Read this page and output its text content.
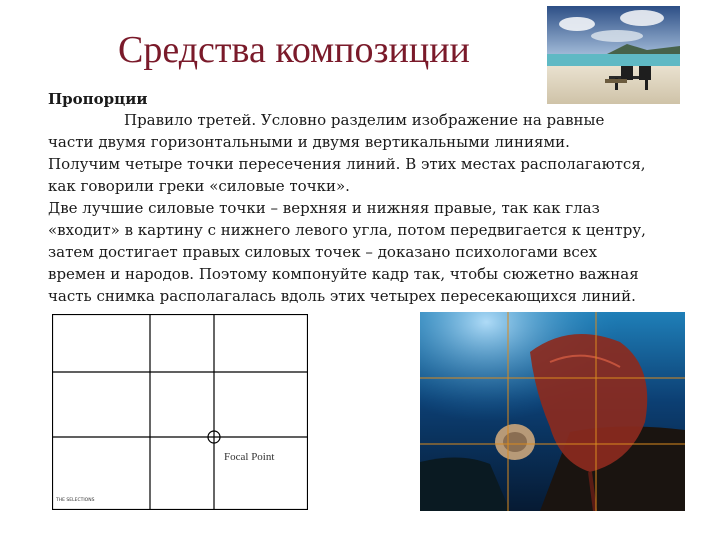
Средства композиции
Пропорции
Правило третей. Условно разделим изображение на равные
части двумя горизонтальными и двумя вертикальными линиями.
Получим четыре точки пересечения линий. В этих местах располагаются,
как говорили греки «силовые точки».
Две лучшие силовые точки – верхняя и нижняя правые, так как глаз
«входит» в картину с нижнего левого угла, потом передвигается к центру,
затем достигает правых силовых точек – доказано психологами всех
времен и народов. Поэтому компонуйте кадр так, чтобы сюжетно важная
часть снимка располагалась вдоль этих четырех пересекающихся линий.
Focal Point
THE SELECTIONS
